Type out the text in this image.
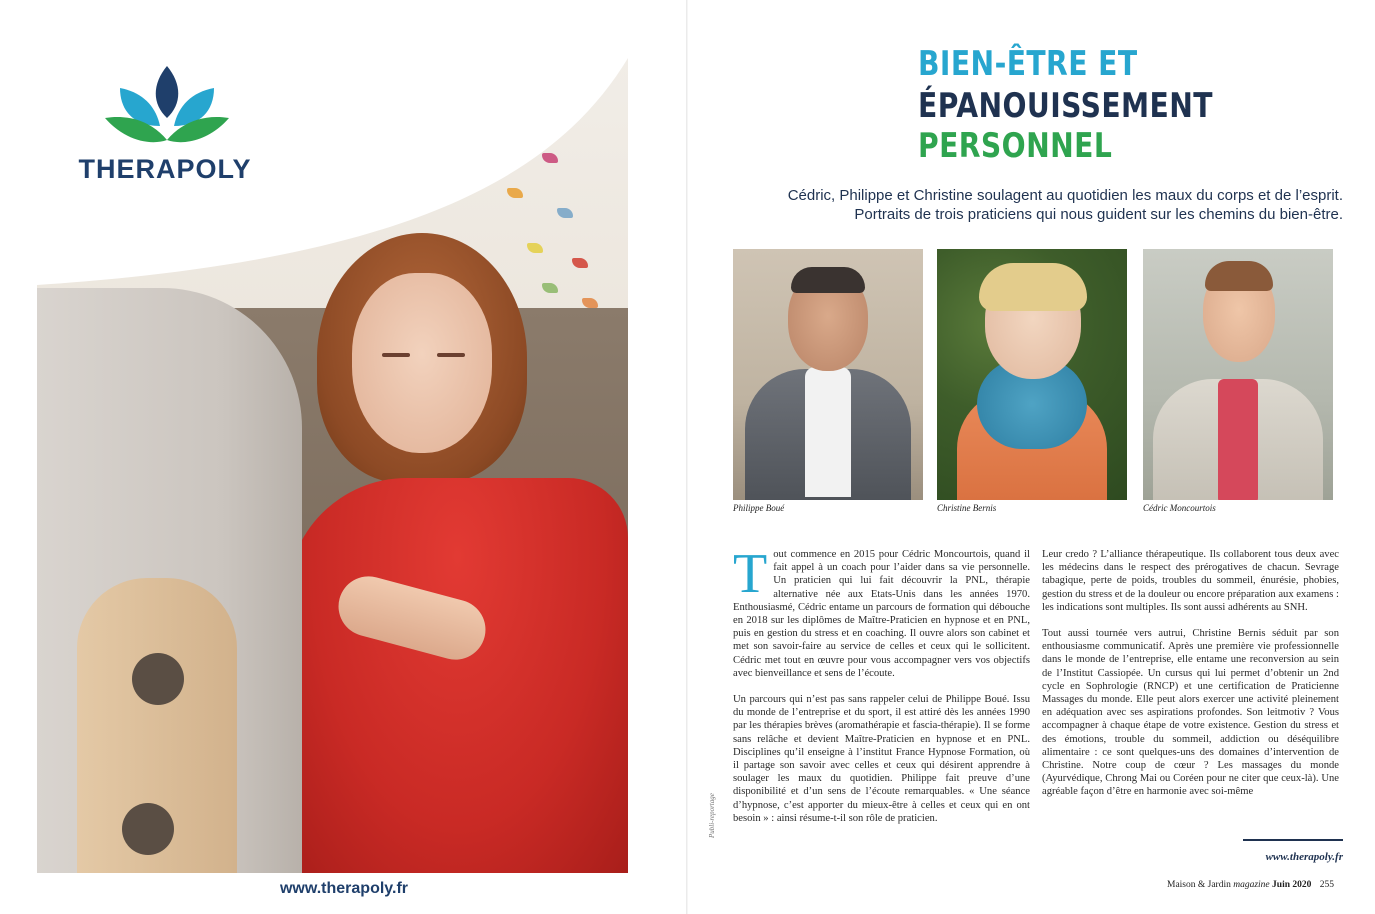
THERAPOLY
www.therapoly.fr
BIEN-ÊTRE ET
ÉPANOUISSEMENT
PERSONNEL

Cédric, Philippe et Christine soulagent au quotidien les maux du corps et de l’esprit.

Portraits de trois praticiens qui nous guident sur les chemins du bien-être.

Philippe Boué	Christine Bernis	Cédric Moncourtois

Tout commence en 2015 pour Cédric Moncourtois, quand il fait appel à un coach pour l’aider dans sa vie personnelle. Un praticien qui lui fait découvrir la PNL, thérapie alternative née aux Etats-Unis dans les années 1970. Enthousiasmé, Cédric entame un parcours de formation qui débouche en 2018 sur les diplômes de Maître-Praticien en hypnose et en PNL, puis en gestion du stress et en coaching. Il ouvre alors son cabinet et met son savoir-faire au service de celles et ceux qui le sollicitent. Cédric met tout en œuvre pour vous accompagner vers vos objectifs avec bienveillance et sens de l’écoute.

Un parcours qui n’est pas sans rappeler celui de Philippe Boué. Issu du monde de l’entreprise et du sport, il est attiré dès les années 1990 par les thérapies brèves (aromathérapie et fascia-thérapie). Il se forme sans relâche et devient Maître-Praticien en hypnose et en PNL. Disciplines qu’il enseigne à l’institut France Hypnose Formation, où il partage son savoir avec celles et ceux qui désirent apprendre à soulager les maux du quotidien. Philippe fait preuve d’une disponibilité et d’un sens de l’écoute remarquables. « Une séance d’hypnose, c’est apporter du mieux-être à celles et ceux qui en ont besoin » : ainsi résume-t-il son rôle de praticien.

Leur credo ? L’alliance thérapeutique. Ils collaborent tous deux avec les médecins dans le respect des prérogatives de chacun. Sevrage tabagique, perte de poids, troubles du sommeil, énurésie, phobies, gestion du stress et de la douleur ou encore préparation aux examens : les indications sont multiples. Ils sont aussi adhérents au SNH.

Tout aussi tournée vers autrui, Christine Bernis séduit par son enthousiasme communicatif. Après une première vie professionnelle dans le monde de l’entreprise, elle entame une reconversion au sein de l’Institut Cassiopée. Un cursus qui lui permet d’obtenir un 2nd cycle en Sophrologie (RNCP) et une certification de Praticienne Massages du monde. Elle peut alors exercer une activité pleinement en adéquation avec ses aspirations profondes. Son leitmotiv ? Vous accompagner à chaque étape de votre existence. Gestion du stress et des émotions, trouble du sommeil, addiction ou déséquilibre alimentaire : ce sont quelques-uns des domaines d’intervention de Christine. Notre coup de cœur ? Les massages du monde (Ayurvédique, Chrong Mai ou Coréen pour ne citer que ceux-là). Une agréable façon d’être en harmonie avec soi-même

Publi-reportage
www.therapoly.fr
Maison & Jardin magazine Juin 2020 255
